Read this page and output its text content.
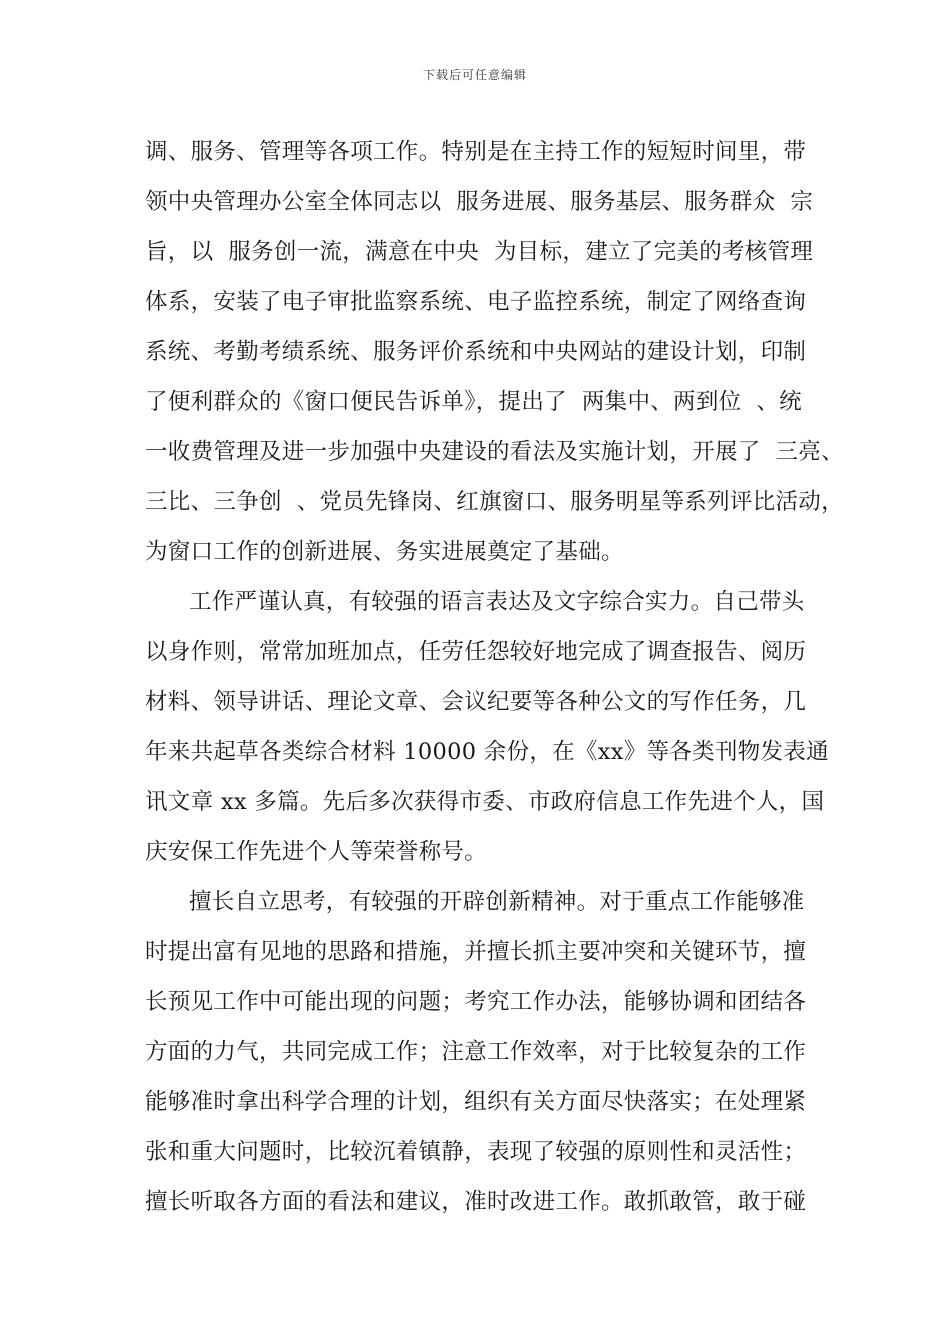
下载后可任意编辑
调、服务、管理等各项工作。特别是在主持工作的短短时间里，带
领中央管理办公室全体同志以  服务进展、服务基层、服务群众  宗
旨，以  服务创一流，满意在中央  为目标，建立了完美的考核管理
体系，安装了电子审批监察系统、电子监控系统，制定了网络查询
系统、考勤考绩系统、服务评价系统和中央网站的建设计划，印制
了便利群众的《窗口便民告诉单》，提出了  两集中、两到位  、统
一收费管理及进一步加强中央建设的看法及实施计划，开展了  三亮、
三比、三争创  、党员先锋岗、红旗窗口、服务明星等系列评比活动，
为窗口工作的创新进展、务实进展奠定了基础。
工作严谨认真，有较强的语言表达及文字综合实力。自己带头
以身作则，常常加班加点，任劳任怨较好地完成了调查报告、阅历
材料、领导讲话、理论文章、会议纪要等各种公文的写作任务，几
年来共起草各类综合材料 10000 余份，在《xx》等各类刊物发表通
讯文章 xx 多篇。先后多次获得市委、市政府信息工作先进个人，国
庆安保工作先进个人等荣誉称号。
擅长自立思考，有较强的开辟创新精神。对于重点工作能够准
时提出富有见地的思路和措施，并擅长抓主要冲突和关键环节，擅
长预见工作中可能出现的问题；考究工作办法，能够协调和团结各
方面的力气，共同完成工作；注意工作效率，对于比较复杂的工作
能够准时拿出科学合理的计划，组织有关方面尽快落实；在处理紧
张和重大问题时，比较沉着镇静，表现了较强的原则性和灵活性；
擅长听取各方面的看法和建议，准时改进工作。敢抓敢管，敢于碰
